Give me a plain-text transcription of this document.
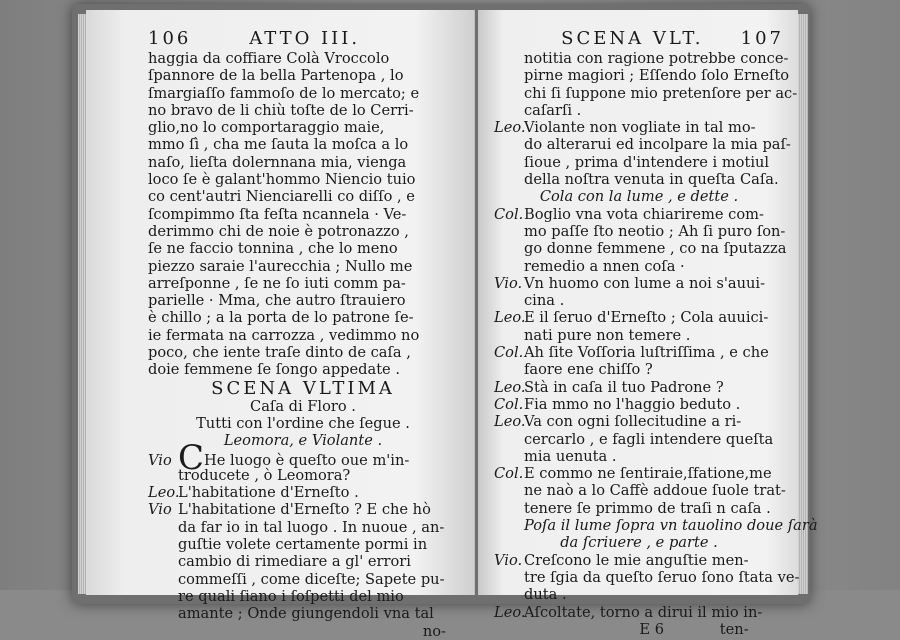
106	ATTO III.
haggia da coffiare Colà Vroccolo
ſpannore de la bella Partenopa , lo
ſmargiaſſo fammoſo de lo mercato; e
no bravo de li chiù toſte de lo Cerri-
glio,no lo comportaraggio maie,
mmo ſì , cha me ſauta la moſca a lo
naſo, lieſta dolernnana mia, vienga
loco ſe è galant'hommo Niencio tuio
co cent'autri Nienciarelli co diſſo , e
ſcompimmo ſta feſta ncannela · Ve-
derimmo chi de noie è potronazzo ,
ſe ne faccio tonnina , che lo meno
piezzo saraie l'aurecchia ; Nullo me
arreſponne , ſe ne ſo iuti comm pa-
parielle · Mma, che autro ſtrauiero
è chillo ; a la porta de lo patrone ſe-
ie fermata na carrozza , vedimmo no
poco, che iente traſe dinto de caſa ,
doie femmene ſe ſongo appedate .
SCENA VLTIMA
Caſa di Floro .
Tutti con l'ordine che ſegue .
Leomora, e Violante .
Vio CHe luogo è queſto oue m'in-
troducete , ò Leomora?
Leo.L'habitatione d'Erneſto .
Vio L'habitatione d'Erneſto ? E che hò
da far io in tal luogo . In nuoue , an-
guſtie volete certamente pormi in
cambio di rimediare a gl' errori
commeſſi , come diceſte; Sapete pu-
re quali ſiano i ſoſpetti del mio
amante ; Onde giungendoli vna tal
no-
SCENA VLT. 107
notitia con ragione potrebbe conce-
pirne magiori ; Eſſendo ſolo Erneſto
chi ſi ſuppone mio pretenſore per ac-
caſarſi .
Leo.Violante non vogliate in tal mo-
do alterarui ed incolpare la mia paſ-
ſioue , prima d'intendere i motiul
della noſtra venuta in queſta Caſa.
Cola con la lume , e dette .
Col.Boglio vna vota chiarireme com-
mo paſſe ſto neotio ; Ah ſi puro ſon-
go donne femmene , co na ſputazza
remedio a nnen coſa ·
Vio. Vn huomo con lume a noi s'auui-
cina .
Leo.E il ſeruo d'Erneſto ; Cola auuici-
nati pure non temere .
Col.Ah ſite Voſſoria luſtriſſima , e che
faore ene chiſſo ?
Leo.Stà in caſa il tuo Padrone ?
Col.Fia mmo no l'haggio beduto .
Leo.Va con ogni ſollecitudine a ri-
cercarlo , e fagli intendere queſta
mia uenuta .
Col.E commo ne ſentiraie,ſfatione,me
ne naò a lo Caffè addoue ſuole trat-
tenere ſe primmo de traſi n caſa .
Poſa il lume ſopra vn tauolino doue ſarà
da ſcriuere , e parte .
Vio. Creſcono le mie anguſtie men-
tre ſgia da queſto ſeruo ſono ſtata ve-
duta .
Leo.Aſcoltate, torno a dirui il mio in-
E 6	ten-
